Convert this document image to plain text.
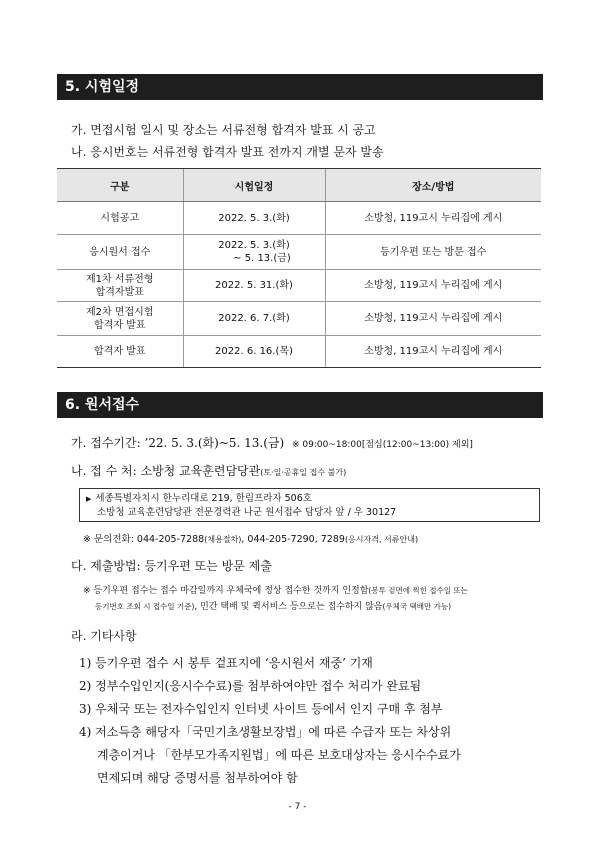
5. 시험일정
가. 면접시험 일시 및 장소는 서류전형 합격자 발표 시 공고
나. 응시번호는 서류전형 합격자 발표 전까지 개별 문자 발송
구분	시험일정	장소/방법

시험공고	2022. 5. 3.(화)	소방청, 119고시 누리집에 게시

응시원서 접수	2022. 5. 3.(화)
~ 5. 13.(금)	등기우편 또는 방문 접수

제1차 서류전형
합격자발표	2022. 5. 31.(화)	소방청, 119고시 누리집에 게시

제2차 면접시험
합격자 발표	2022. 6. 7.(화)	소방청, 119고시 누리집에 게시

합격자 발표	2022. 6. 16.(목)	소방청, 119고시 누리집에 게시
6. 원서접수
가. 접수기간: ’22. 5. 3.(화)~5. 13.(금) ※ 09:00~18:00[점심(12:00~13:00) 제외]
나. 접 수 처: 소방청 교육훈련담당관(토·일·공휴일 접수 불가)
▶ 세종특별자치시 한누리대로 219, 한림프라자 506호
소방청 교육훈련담당관 전문경력관 나군 원서접수 담당자 앞 / 우 30127
※ 문의전화: 044-205-7288(채용절차), 044-205-7290, 7289(응시자격, 서류안내)
다. 제출방법: 등기우편 또는 방문 제출
※ 등기우편 접수는 접수 마감일까지 우체국에 정상 접수한 것까지 인정함(봉투 겉면에 찍힌 접수일 또는
등기번호 조회 시 접수일 기준), 민간 택배 및 퀵서비스 등으로는 접수하지 않음(우체국 택배만 가능)
라. 기타사항
1) 등기우편 접수 시 봉투 겉표지에 ‘응시원서 재중’ 기재
2) 정부수입인지(응시수수료)를 첨부하여야만 접수 처리가 완료됨
3) 우체국 또는 전자수입인지 인터넷 사이트 등에서 인지 구매 후 첨부
4) 저소득층 해당자「국민기초생활보장법」에 따른 수급자 또는 차상위
계층이거나 「한부모가족지원법」에 따른 보호대상자는 응시수수료가
면제되며 해당 증명서를 첨부하여야 함
- 7 -
